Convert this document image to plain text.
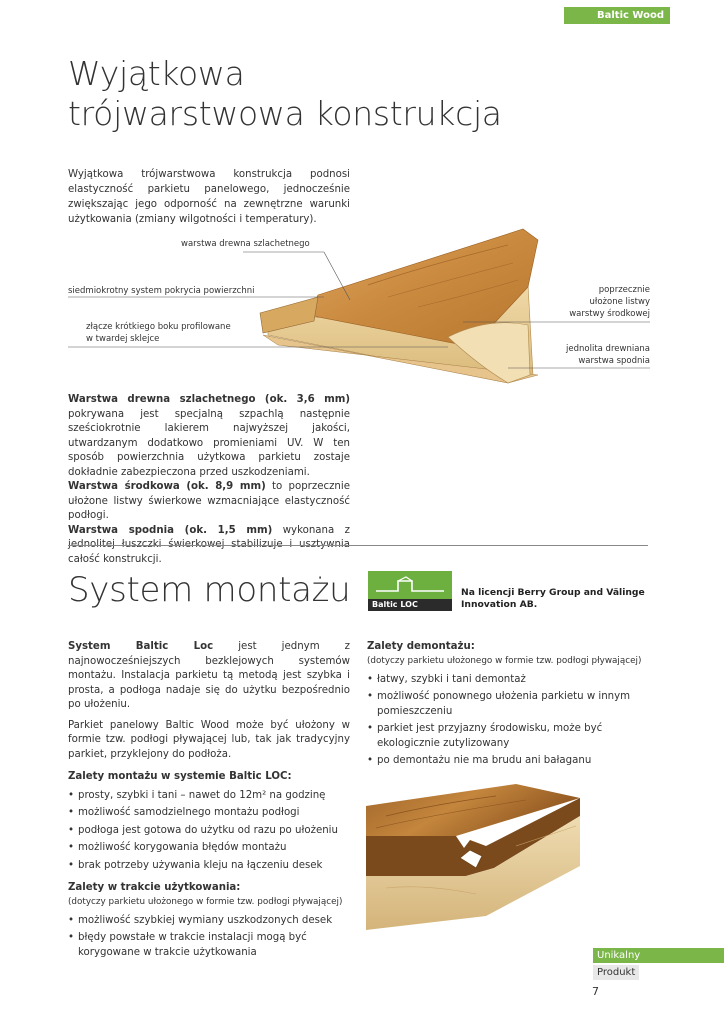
Baltic Wood
Wyjątkowa
trójwarstwowa konstrukcja
Wyjątkowa trójwarstwowa konstrukcja podnosi elastyczność parkietu panelowego, jednocześnie zwiększając jego odporność na zewnętrzne warunki użytkowania (zmiany wilgotności i temperatury).
warstwa drewna szlachetnego
siedmiokrotny system pokrycia powierzchni
złącze krótkiego boku profilowane
w twardej sklejce
poprzecznie
ułożone listwy
warstwy środkowej
jednolita drewniana
warstwa spodnia

Warstwa drewna szlachetnego (ok. 3,6 mm) pokrywana jest specjalną szpachlą następnie sześciokrotnie lakierem najwyższej jakości, utwardzanym dodatkowo promieniami UV. W ten sposób powierzchnia użytkowa parkietu zostaje dokładnie zabezpieczona przed uszkodzeniami.

Warstwa środkowa (ok. 8,9 mm) to poprzecznie ułożone listwy świerkowe wzmacniające elastyczność podłogi.

Warstwa spodnia (ok. 1,5 mm) wykonana z całość konstrukcji.

System montażu	Baltic LOC
Na licencji Berry Group and Välinge
Innovation AB.

System Baltic Loc jest jednym z najnowocześniejszych bezklejowych systemów montażu. Instalacja parkietu tą metodą jest szybka i prosta, a podłoga nadaje się do użytku bezpośrednio po ułożeniu.

Parkiet panelowy Baltic Wood może być ułożony w formie tzw. podłogi pływającej lub, tak jak tradycyjny parkiet, przyklejony do podłoża.

Zalety montażu w systemie Baltic LOC:
• prosty, szybki i tani – nawet do 12m² na godzinę
• możliwość samodzielnego montażu podłogi
• podłoga jest gotowa do użytku od razu po ułożeniu
• możliwość korygowania błędów montażu
• brak potrzeby używania kleju na łączeniu desek
Zalety w trakcie użytkowania:
(dotyczy parkietu ułożonego w formie tzw. podłogi pływającej)
• możliwość szybkiej wymiany uszkodzonych desek
• błędy powstałe w trakcie instalacji mogą być korygowane w trakcie użytkowania
Zalety demontażu:
(dotyczy parkietu ułożonego w formie tzw. podłogi pływającej)
• łatwy, szybki i tani demontaż
• możliwość ponownego ułożenia parkietu w innym pomieszczeniu
• parkiet jest przyjazny środowisku, może być ekologicznie zutylizowany
• po demontażu nie ma brudu ani bałaganu
Unikalny
Produkt
7
